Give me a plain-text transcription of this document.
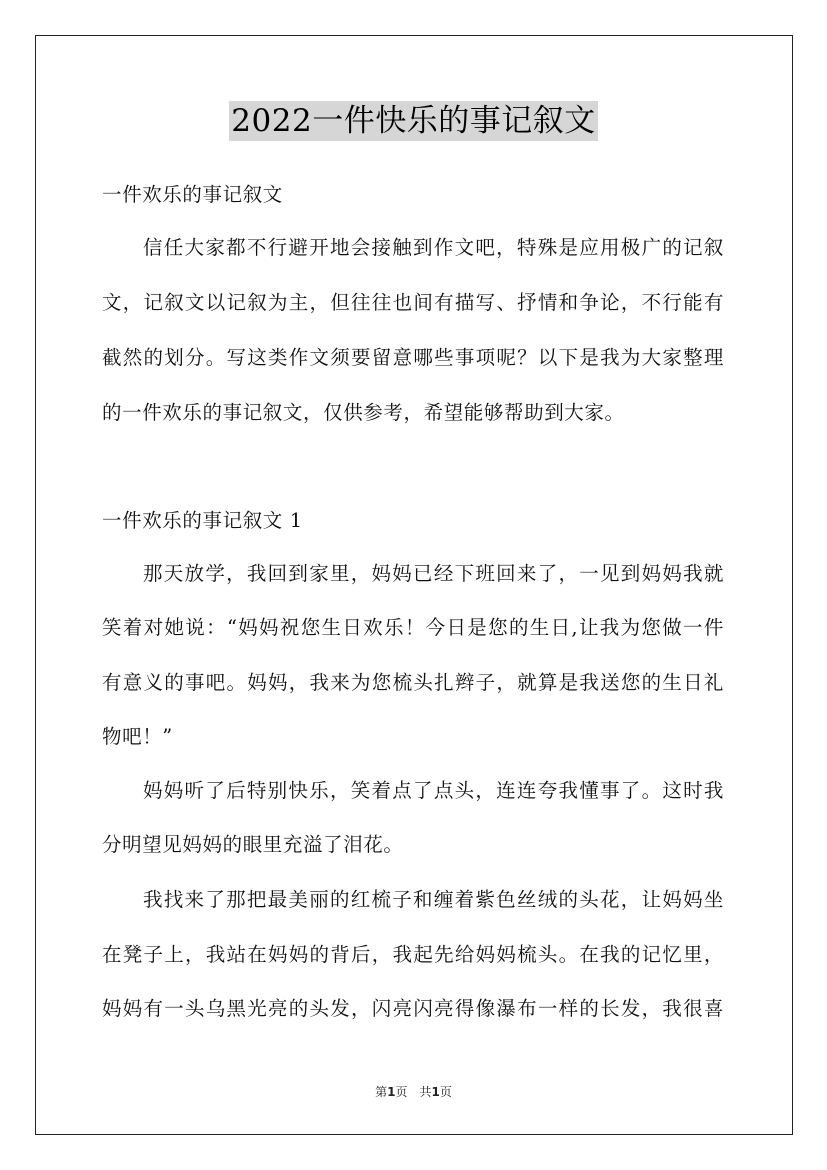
2022一件快乐的事记叙文
一件欢乐的事记叙文
信任大家都不行避开地会接触到作文吧，特殊是应用极广的记叙
文，记叙文以记叙为主，但往往也间有描写、抒情和争论，不行能有
截然的划分。写这类作文须要留意哪些事项呢？以下是我为大家整理
的一件欢乐的事记叙文，仅供参考，希望能够帮助到大家。
一件欢乐的事记叙文 1
那天放学，我回到家里，妈妈已经下班回来了，一见到妈妈我就
笑着对她说：“妈妈祝您生日欢乐！今日是您的生日,让我为您做一件
有意义的事吧。妈妈，我来为您梳头扎辫子，就算是我送您的生日礼
物吧！”
妈妈听了后特别快乐，笑着点了点头，连连夸我懂事了。这时我
分明望见妈妈的眼里充溢了泪花。
我找来了那把最美丽的红梳子和缠着紫色丝绒的头花，让妈妈坐
在凳子上，我站在妈妈的背后，我起先给妈妈梳头。在我的记忆里，
妈妈有一头乌黑光亮的头发，闪亮闪亮得像瀑布一样的长发，我很喜
第1页　共1页
